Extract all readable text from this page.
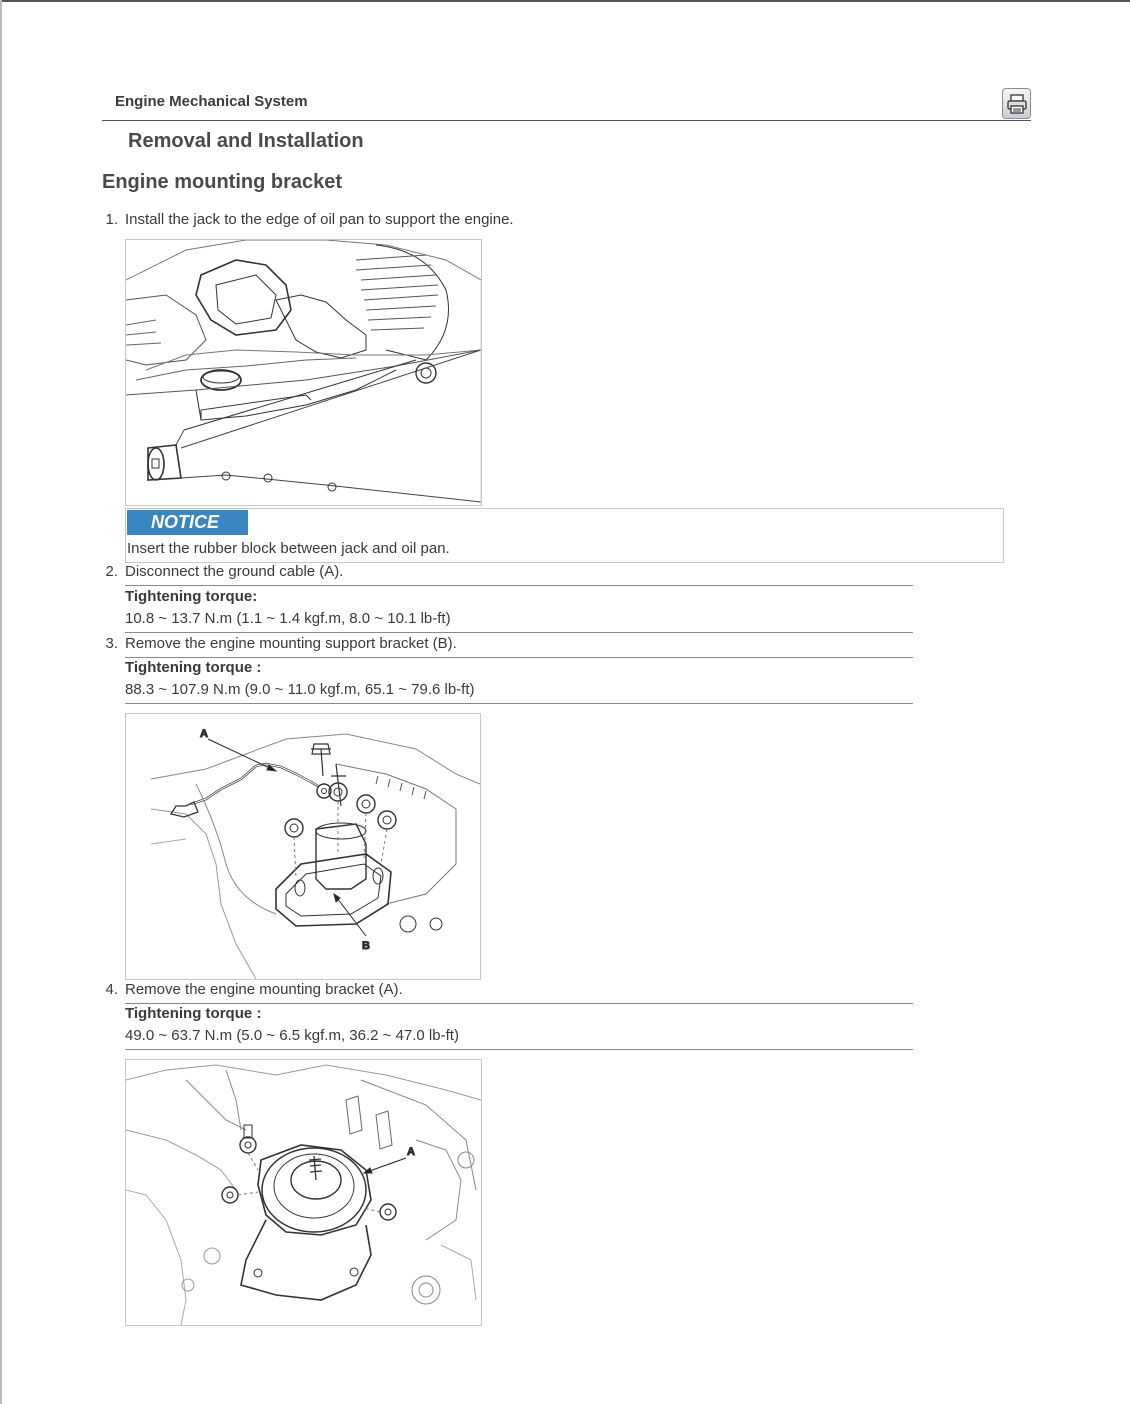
Engine Mechanical System
Removal and Installation
Engine mounting bracket
1. Install the jack to the edge of oil pan to support the engine.
NOTICE
Insert the rubber block between jack and oil pan.
2. Disconnect the ground cable (A).
Tightening torque:
10.8 ~ 13.7 N.m (1.1 ~ 1.4 kgf.m, 8.0 ~ 10.1 lb-ft)
3. Remove the engine mounting support bracket (B).
Tightening torque :
88.3 ~ 107.9 N.m (9.0 ~ 11.0 kgf.m, 65.1 ~ 79.6 lb-ft)
A
B
4. Remove the engine mounting bracket (A).
Tightening torque :
49.0 ~ 63.7 N.m (5.0 ~ 6.5 kgf.m, 36.2 ~ 47.0 lb-ft)
A
